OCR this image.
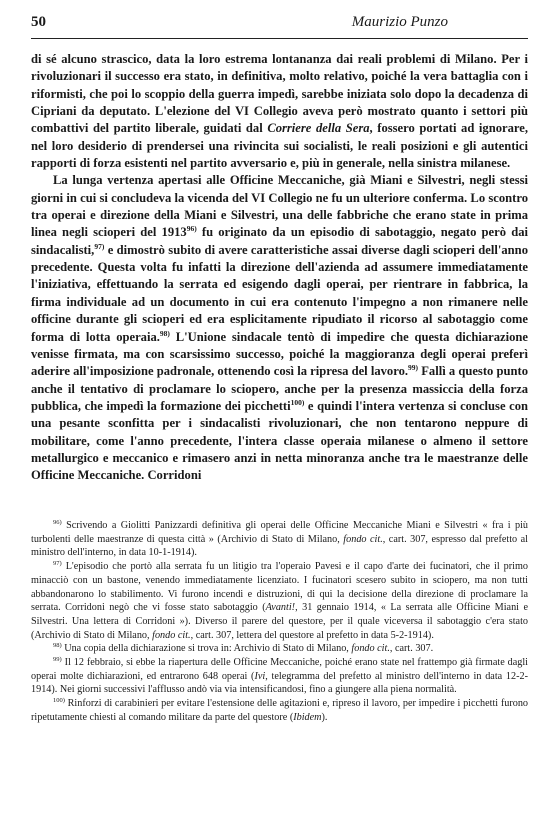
50	Maurizio Punzo

di sé alcuno strascico, data la loro estrema lontananza dai reali problemi di Milano. Per i rivoluzionari il successo era stato, in definitiva, molto relativo, poiché la vera battaglia con i riformisti, che poi lo scoppio della guerra impedì, sarebbe iniziata solo dopo la decadenza di Cipriani da deputato. L'elezione del VI Collegio aveva però mostrato quanto i settori più combattivi del partito liberale, guidati dal Corriere della Sera, fossero portati ad ignorare, nel loro desiderio di prendersei una rivincita sui socialisti, le reali posizioni e gli autentici rapporti di forza esistenti nel partito avversario e, più in generale, nella sinistra milanese.

La lunga vertenza apertasi alle Officine Meccaniche, già Miani e Silvestri, negli stessi giorni in cui si concludeva la vicenda del VI Collegio ne fu un ulteriore conferma. Lo scontro tra operai e direzione della Miani e Silvestri, una delle fabbriche che erano state in prima linea negli scioperi del 1913$^{96)}$ fu originato da un episodio di sabotaggio, negato però dai sindacalisti,$^{97)}$ e dimostrò subito di avere caratteristiche assai diverse dagli scioperi dell'anno precedente. Questa volta fu infatti la direzione dell'azienda ad assumere immediatamente l'iniziativa, effettuando la serrata ed esigendo dagli operai, per rientrare in fabbrica, la firma individuale ad un documento in cui era contenuto l'impegno a non rimanere nelle officine durante gli scioperi ed era esplicitamente ripudiato il ricorso al sabotaggio come forma di lotta operaia.$^{98)}$ L'Unione sindacale tentò di impedire che questa dichiarazione venisse firmata, ma con scarsissimo successo, poiché la maggioranza degli operai preferì aderire all'imposizione padronale, ottenendo così la ripresa del lavoro.$^{99)}$ Fallì a questo punto anche il tentativo di proclamare lo sciopero, anche per la presenza massiccia della forza pubblica, che impedì la formazione dei picchetti$^{100)}$ e quindi l'intera vertenza si concluse con una pesante sconfitta per i sindacalisti rivoluzionari, che non tentarono neppure di mobilitare, come l'anno precedente, l'intera classe operaia milanese o almeno il settore metallurgico e meccanico e rimasero anzi in netta minoranza anche tra le maestranze delle Officine Meccaniche. Corridoni

$^{96)}$ Scrivendo a Giolitti Panizzardi definitiva gli operai delle Officine Meccaniche Miani e Silvestri « fra i più turbolenti delle maestranze di questa città » (Archivio di Stato di Milano, fondo cit., cart. 307, espresso dal prefetto al ministro dell'interno, in data 10-1-1914).

$^{97)}$ L'episodio che portò alla serrata fu un litigio tra l'operaio Pavesi e il capo d'arte dei fucinatori, che il primo minacciò con un bastone, venendo immediatamente licenziato. I fucinatori scesero subito in sciopero, ma non tutti abbandonarono lo stabilimento. Vi furono incendi e distruzioni, di qui la decisione della direzione di proclamare la serrata. Corridoni negò che vi fosse stato sabotaggio (Avanti!, 31 gennaio 1914, « La serrata alle Officine Miani e Silvestri. Una lettera di Corridoni »). Diverso il parere del questore, per il quale viceversa il sabotaggio c'era stato (Archivio di Stato di Milano, fondo cit., cart. 307, lettera del questore al prefetto in data 5-2-1914).

$^{98)}$ Una copia della dichiarazione si trova in: Archivio di Stato di Milano, fondo cit., cart. 307.

$^{99)}$ Il 12 febbraio, si ebbe la riapertura delle Officine Meccaniche, poiché erano state nel frattempo già firmate dagli operai molte dichiarazioni, ed entrarono 648 operai (Ivi, telegramma del prefetto al ministro dell'interno in data 12-2-1914). Nei giorni successivi l'afflusso andò via via intensificandosi, fino a giungere alla piena normalità.

$^{100)}$ Rinforzi di carabinieri per evitare l'estensione delle agitazioni e, ripreso il lavoro, per impedire i picchetti furono ripetutamente chiesti al comando militare da parte del questore (Ibidem).
